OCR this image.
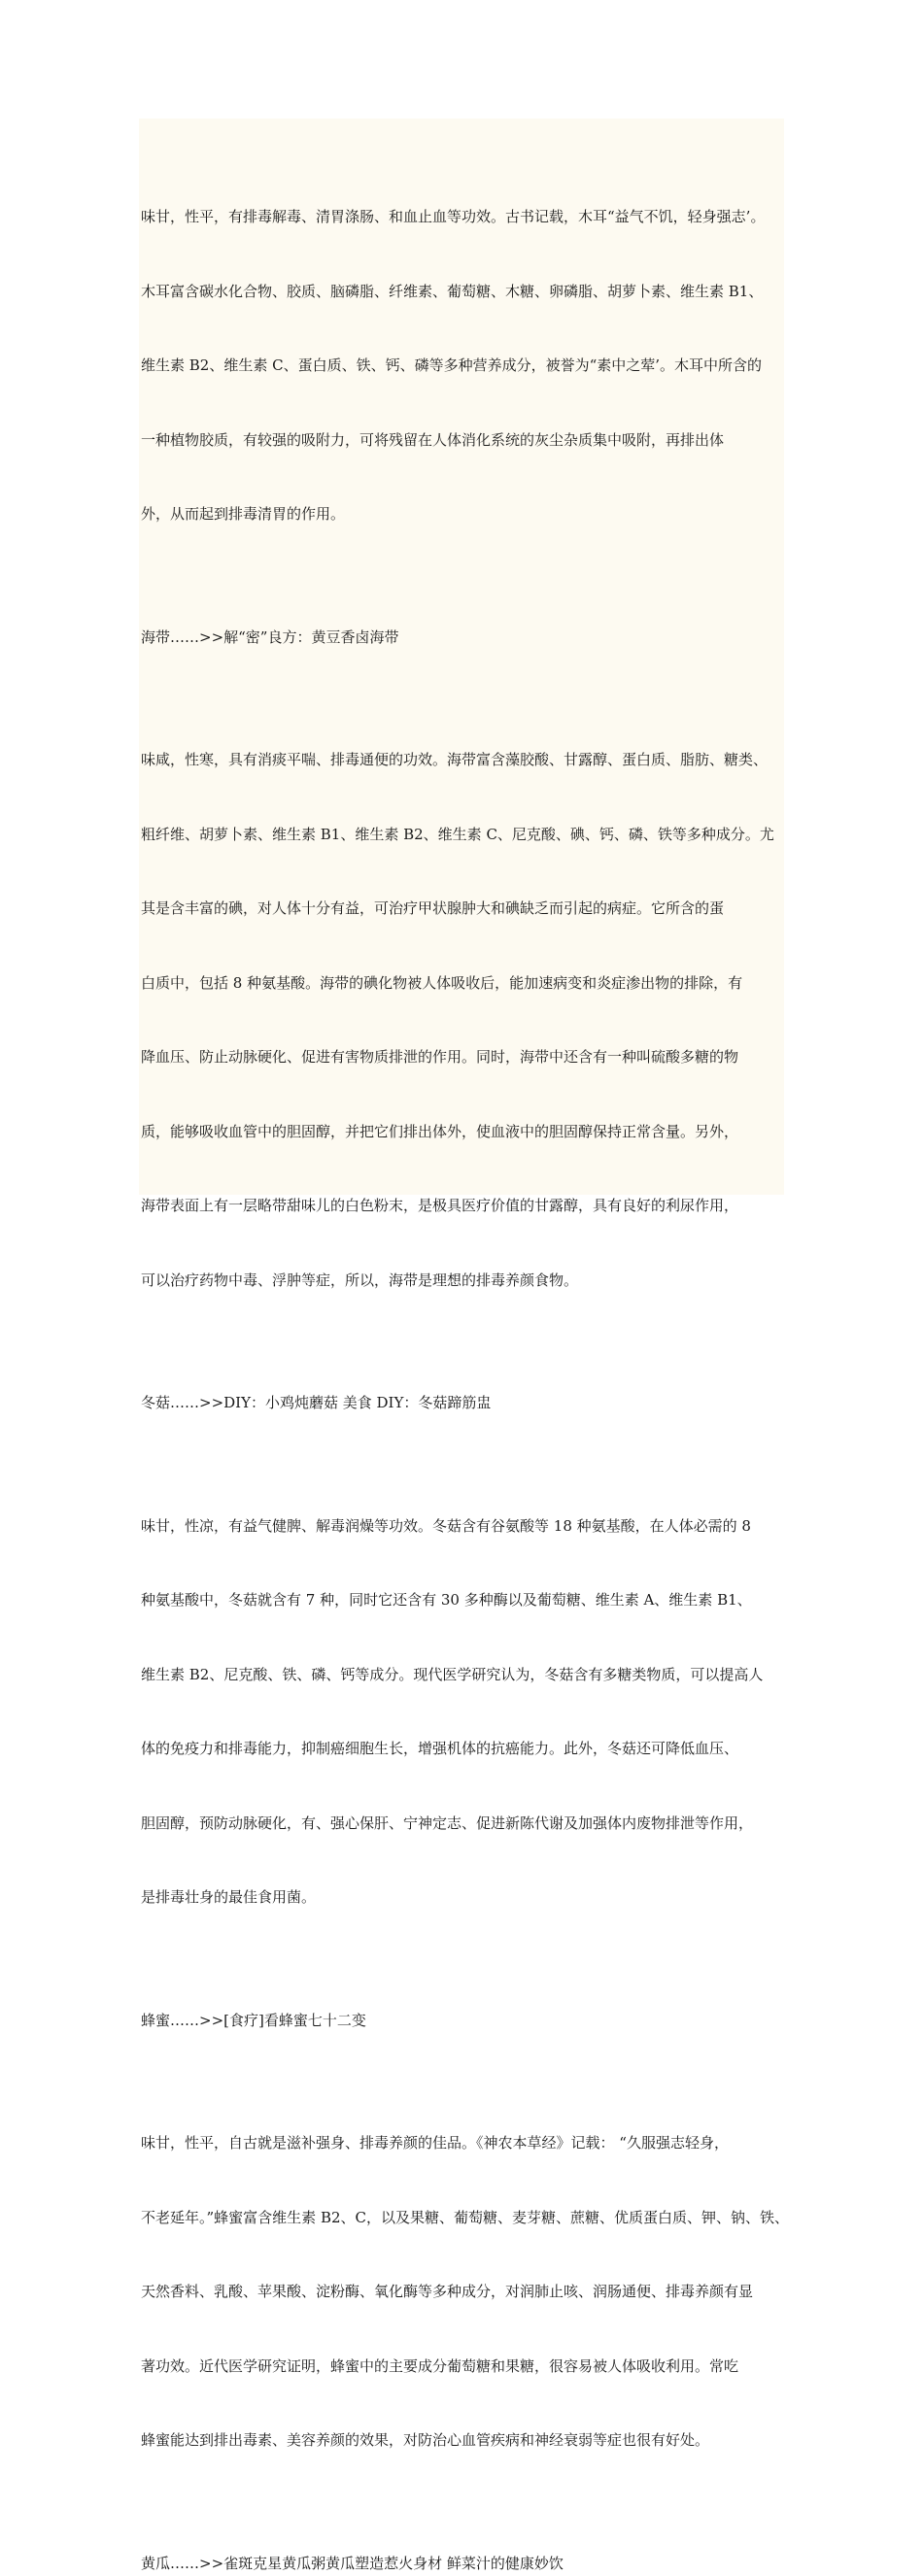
味甘，性平，有排毒解毒、清胃涤肠、和血止血等功效。古书记载，木耳“益气不饥，轻身强志’。

木耳富含碳水化合物、胶质、脑磷脂、纤维素、葡萄糖、木糖、卵磷脂、胡萝卜素、维生素 B1、

维生素 B2、维生素 C、蛋白质、铁、钙、磷等多种营养成分，被誉为“素中之荤’。木耳中所含的

一种植物胶质，有较强的吸附力，可将残留在人体消化系统的灰尘杂质集中吸附，再排出体

外，从而起到排毒清胃的作用。

海带……>>解“密”良方：黄豆香卤海带

味咸，性寒，具有消痰平喘、排毒通便的功效。海带富含藻胶酸、甘露醇、蛋白质、脂肪、糖类、

粗纤维、胡萝卜素、维生素 B1、维生素 B2、维生素 C、尼克酸、碘、钙、磷、铁等多种成分。尤

其是含丰富的碘，对人体十分有益，可治疗甲状腺肿大和碘缺乏而引起的病症。它所含的蛋

白质中，包括 8 种氨基酸。海带的碘化物被人体吸收后，能加速病变和炎症渗出物的排除，有

降血压、防止动脉硬化、促进有害物质排泄的作用。同时，海带中还含有一种叫硫酸多糖的物

质，能够吸收血管中的胆固醇，并把它们排出体外，使血液中的胆固醇保持正常含量。另外，

海带表面上有一层略带甜味儿的白色粉末，是极具医疗价值的甘露醇，具有良好的利尿作用，

可以治疗药物中毒、浮肿等症，所以，海带是理想的排毒养颜食物。

冬菇……>>DIY：小鸡炖蘑菇 美食 DIY：冬菇蹄筋盅

味甘，性凉，有益气健脾、解毒润燥等功效。冬菇含有谷氨酸等 18 种氨基酸，在人体必需的 8

种氨基酸中，冬菇就含有 7 种，同时它还含有 30 多种酶以及葡萄糖、维生素 A、维生素 B1、

维生素 B2、尼克酸、铁、磷、钙等成分。现代医学研究认为，冬菇含有多糖类物质，可以提高人

体的免疫力和排毒能力，抑制癌细胞生长，增强机体的抗癌能力。此外，冬菇还可降低血压、

胆固醇，预防动脉硬化，有、强心保肝、宁神定志、促进新陈代谢及加强体内废物排泄等作用，

是排毒壮身的最佳食用菌。

蜂蜜……>>[食疗]看蜂蜜七十二变

味甘，性平，自古就是滋补强身、排毒养颜的佳品。《神农本草经》记载： “久服强志轻身，

不老延年。”蜂蜜富含维生素 B2、C，以及果糖、葡萄糖、麦芽糖、蔗糖、优质蛋白质、钾、钠、铁、

天然香料、乳酸、苹果酸、淀粉酶、氧化酶等多种成分，对润肺止咳、润肠通便、排毒养颜有显

著功效。近代医学研究证明，蜂蜜中的主要成分葡萄糖和果糖，很容易被人体吸收利用。常吃

蜂蜜能达到排出毒素、美容养颜的效果，对防治心血管疾病和神经衰弱等症也很有好处。

黄瓜……>>雀斑克星黄瓜粥黄瓜塑造惹火身材 鲜菜汁的健康妙饮
